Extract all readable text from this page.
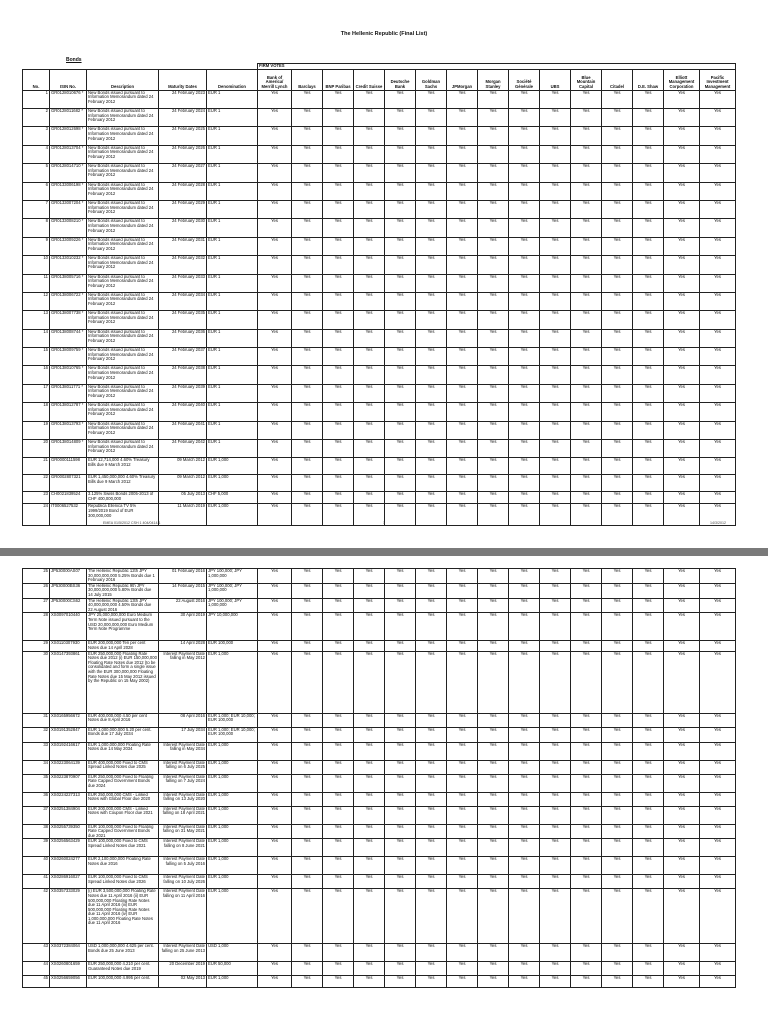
The Hellenic Republic (Final List)
Bonds
					FIRM VOTES														
No.	ISIN No.	Description	Maturity Dates	Denomination	Bank of America/ Merrill Lynch	Barclays	BNP Paribas	Credit Suisse	Deutsche Bank	Goldman Sachs	JPMorgan	Morgan Stanley	Société Générale	UBS	Blue Mountain Capital	Citadel	D.E. Shaw	Elliott Management Corporation	Pacific Investment Management
1	GR0128010676 *	New Bonds issued pursuant to Information Memorandum dated 24 February 2012	24 February 2023	EUR 1	Yes	Yes	Yes	Yes	Yes	Yes	Yes	Yes	Yes	Yes	Yes	Yes	Yes	Yes	Yes
2	GR0128011682 *	New Bonds issued pursuant to Information Memorandum dated 24 February 2012	24 February 2024	EUR 1	Yes	Yes	Yes	Yes	Yes	Yes	Yes	Yes	Yes	Yes	Yes	Yes	Yes	Yes	Yes
3	GR0128012698 *	New Bonds issued pursuant to Information Memorandum dated 24 February 2012	24 February 2025	EUR 1	Yes	Yes	Yes	Yes	Yes	Yes	Yes	Yes	Yes	Yes	Yes	Yes	Yes	Yes	Yes
4	GR0128013704 *	New Bonds issued pursuant to Information Memorandum dated 24 February 2012	24 February 2026	EUR 1	Yes	Yes	Yes	Yes	Yes	Yes	Yes	Yes	Yes	Yes	Yes	Yes	Yes	Yes	Yes
5	GR0128014710 *	New Bonds issued pursuant to Information Memorandum dated 24 February 2012	24 February 2027	EUR 1	Yes	Yes	Yes	Yes	Yes	Yes	Yes	Yes	Yes	Yes	Yes	Yes	Yes	Yes	Yes
6	GR0133006198 *	New Bonds issued pursuant to Information Memorandum dated 24 February 2012	24 February 2028	EUR 1	Yes	Yes	Yes	Yes	Yes	Yes	Yes	Yes	Yes	Yes	Yes	Yes	Yes	Yes	Yes
7	GR0133007204 *	New Bonds issued pursuant to Information Memorandum dated 24 February 2012	24 February 2029	EUR 1	Yes	Yes	Yes	Yes	Yes	Yes	Yes	Yes	Yes	Yes	Yes	Yes	Yes	Yes	Yes
8	GR0133008210 *	New Bonds issued pursuant to Information Memorandum dated 24 February 2012	24 February 2030	EUR 1	Yes	Yes	Yes	Yes	Yes	Yes	Yes	Yes	Yes	Yes	Yes	Yes	Yes	Yes	Yes
9	GR0133009226 *	New Bonds issued pursuant to Information Memorandum dated 24 February 2012	24 February 2031	EUR 1	Yes	Yes	Yes	Yes	Yes	Yes	Yes	Yes	Yes	Yes	Yes	Yes	Yes	Yes	Yes
10	GR0133010232 *	New Bonds issued pursuant to Information Memorandum dated 24 February 2012	24 February 2032	EUR 1	Yes	Yes	Yes	Yes	Yes	Yes	Yes	Yes	Yes	Yes	Yes	Yes	Yes	Yes	Yes
11	GR0138005716 *	New Bonds issued pursuant to Information Memorandum dated 24 February 2012	24 February 2033	EUR 1	Yes	Yes	Yes	Yes	Yes	Yes	Yes	Yes	Yes	Yes	Yes	Yes	Yes	Yes	Yes
12	GR0138006722 *	New Bonds issued pursuant to Information Memorandum dated 24 February 2012	24 February 2034	EUR 1	Yes	Yes	Yes	Yes	Yes	Yes	Yes	Yes	Yes	Yes	Yes	Yes	Yes	Yes	Yes
13	GR0138007738 *	New Bonds issued pursuant to Information Memorandum dated 24 February 2012	24 February 2035	EUR 1	Yes	Yes	Yes	Yes	Yes	Yes	Yes	Yes	Yes	Yes	Yes	Yes	Yes	Yes	Yes
14	GR0138008744 *	New Bonds issued pursuant to Information Memorandum dated 24 February 2012	24 February 2036	EUR 1	Yes	Yes	Yes	Yes	Yes	Yes	Yes	Yes	Yes	Yes	Yes	Yes	Yes	Yes	Yes
15	GR0138009759 *	New Bonds issued pursuant to Information Memorandum dated 24 February 2012	24 February 2037	EUR 1	Yes	Yes	Yes	Yes	Yes	Yes	Yes	Yes	Yes	Yes	Yes	Yes	Yes	Yes	Yes
16	GR0138010765 *	New Bonds issued pursuant to Information Memorandum dated 24 February 2012	24 February 2038	EUR 1	Yes	Yes	Yes	Yes	Yes	Yes	Yes	Yes	Yes	Yes	Yes	Yes	Yes	Yes	Yes
17	GR0138011771 *	New Bonds issued pursuant to Information Memorandum dated 24 February 2012	24 February 2039	EUR 1	Yes	Yes	Yes	Yes	Yes	Yes	Yes	Yes	Yes	Yes	Yes	Yes	Yes	Yes	Yes
18	GR0138012787 *	New Bonds issued pursuant to Information Memorandum dated 24 February 2012	24 February 2040	EUR 1	Yes	Yes	Yes	Yes	Yes	Yes	Yes	Yes	Yes	Yes	Yes	Yes	Yes	Yes	Yes
19	GR0138013793 *	New Bonds issued pursuant to Information Memorandum dated 24 February 2012	24 February 2041	EUR 1	Yes	Yes	Yes	Yes	Yes	Yes	Yes	Yes	Yes	Yes	Yes	Yes	Yes	Yes	Yes
20	GR0138014809 *	New Bonds issued pursuant to Information Memorandum dated 24 February 2012	24 February 2042	EUR 1	Yes	Yes	Yes	Yes	Yes	Yes	Yes	Yes	Yes	Yes	Yes	Yes	Yes	Yes	Yes
21	GR0000111598	EUR 12,714,000 4.60% Treasury Bills due 9 March 2012	09 March 2012	EUR 1,000	Yes	Yes	Yes	Yes	Yes	Yes	Yes	Yes	Yes	Yes	Yes	Yes	Yes	Yes	Yes
22	GR0002807321	EUR 1,450,000,000 4.60% Treasury Bills due 9 March 2012	09 March 2012	EUR 1,000	Yes	Yes	Yes	Yes	Yes	Yes	Yes	Yes	Yes	Yes	Yes	Yes	Yes	Yes	Yes
23	CH0021839524	3.125% Swiss Bonds 2005-2013 of CHF 400,000,000	05 July 2013	CHF 5,000	Yes	Yes	Yes	Yes	Yes	Yes	Yes	Yes	Yes	Yes	Yes	Yes	Yes	Yes	Yes
24	IT0006527532	Republica Ellenica TV 5% 1999/2019 Bond of EUR 300,000,000	11 March 2019	EUR 1,000	Yes	Yes	Yes	Yes	Yes	Yes	Yes	Yes	Yes	Yes	Yes	Yes	Yes	Yes	Yes
EMEA 01/5/2012 CSH 1 404/0414.1	1	14/3/2012
25	JP530000AS07	The Hellenic Republic 12th JPY 30,000,000,000 5.25% Bonds due 1 February 2016	01 February 2016	JPY 100,000; JPY 1,000,000	Yes	Yes	Yes	Yes	Yes	Yes	Yes	Yes	Yes	Yes	Yes	Yes	Yes	Yes	Yes
26	JP530000BS36	The Hellenic Republic 9th JPY 30,000,000,000 5.80% Bonds due 14 July 2015	14 February 2015	JPY 100,000; JPY 1,000,000	Yes	Yes	Yes	Yes	Yes	Yes	Yes	Yes	Yes	Yes	Yes	Yes	Yes	Yes	Yes
27	JP530000CS62	The Hellenic Republic 13th JPY 40,000,000,000 4.50% Bonds due 22 August 2016	22 August 2016	JPY 100,000; JPY 1,000,000	Yes	Yes	Yes	Yes	Yes	Yes	Yes	Yes	Yes	Yes	Yes	Yes	Yes	Yes	Yes
28	XS0097010440	JPY 25,000,000,000 Euro Medium Term Note issued pursuant to the USD 20,000,000,000 Euro Medium Term Note Programme	30 April 2019	JPY 10,000,000	Yes	Yes	Yes	Yes	Yes	Yes	Yes	Yes	Yes	Yes	Yes	Yes	Yes	Yes	Yes
29	XS0110307930	EUR 200,000,000 Ten per cent Notes due 14 April 2028	14 April 2028	EUR 100,000	Yes	Yes	Yes	Yes	Yes	Yes	Yes	Yes	Yes	Yes	Yes	Yes	Yes	Yes	Yes
30	XS0147393861	EUR 250,000,000 Floating Rate Notes due 2012 (i) EUR 150,000,000 Floating Rate Notes due 2012 (to be consolidated and form a single issue with the EUR 300,000,000 Floating Rate Notes due 15 May 2012 issued by the Republic on 15 May 2002)	Interest Payment Date falling in May 2012	EUR 1,000	Yes	Yes	Yes	Yes	Yes	Yes	Yes	Yes	Yes	Yes	Yes	Yes	Yes	Yes	Yes
31	XS0165956672	EUR 400,000,000 4.50 per cent Notes due 8 April 2016	08 April 2016	EUR 1,000; EUR 10,000; EUR 100,000	Yes	Yes	Yes	Yes	Yes	Yes	Yes	Yes	Yes	Yes	Yes	Yes	Yes	Yes	Yes
32	XS0191352847	EUR 1,000,000,000 5.20 per cent. Bonds due 17 July 2034	17 July 2034	EUR 1,000; EUR 10,000; EUR 100,000	Yes	Yes	Yes	Yes	Yes	Yes	Yes	Yes	Yes	Yes	Yes	Yes	Yes	Yes	Yes
33	XS0192416617	EUR 1,000,000,000 Floating Rate Notes due 14 May 2034	Interest Payment Date falling in May 2034	EUR 1,000	Yes	Yes	Yes	Yes	Yes	Yes	Yes	Yes	Yes	Yes	Yes	Yes	Yes	Yes	Yes
34	XS0223064139	EUR 400,000,000 Fixed to CMS Spread Linked Notes due 2025	Interest Payment Date falling on 6 July 2025	EUR 1,000	Yes	Yes	Yes	Yes	Yes	Yes	Yes	Yes	Yes	Yes	Yes	Yes	Yes	Yes	Yes
35	XS0223870907	EUR 250,000,000 Fixed to Floating Rate Capped Government Bonds due 2024	Interest Payment Date falling on 7 July 2024	EUR 1,000	Yes	Yes	Yes	Yes	Yes	Yes	Yes	Yes	Yes	Yes	Yes	Yes	Yes	Yes	Yes
36	XS0224227313	EUR 250,000,000 CMS - Linked Notes with Global Floor due 2020	Interest Payment Date falling on 13 July 2020	EUR 1,000	Yes	Yes	Yes	Yes	Yes	Yes	Yes	Yes	Yes	Yes	Yes	Yes	Yes	Yes	Yes
37	XS0251384904	EUR 200,000,000 CMS - Linked Notes with Coupon Floor due 2021	Interest Payment Date falling on 18 April 2021	EUR 1,000	Yes	Yes	Yes	Yes	Yes	Yes	Yes	Yes	Yes	Yes	Yes	Yes	Yes	Yes	Yes
38	XS0255739350	EUR 100,000,000 Fixed to Floating Rate Capped Government Bonds due 2021	Interest Payment Date falling on 31 May 2021	EUR 1,000	Yes	Yes	Yes	Yes	Yes	Yes	Yes	Yes	Yes	Yes	Yes	Yes	Yes	Yes	Yes
39	XS0256563429	EUR 100,000,000 Fixed to CMS Spread Linked Notes due 2021	Interest Payment Date falling on 8 June 2021	EUR 1,000	Yes	Yes	Yes	Yes	Yes	Yes	Yes	Yes	Yes	Yes	Yes	Yes	Yes	Yes	Yes
40	XS0260024277	EUR 2,100,000,000 Floating Rate Notes due 2016	Interest Payment Date falling on 5 July 2016	EUR 1,000	Yes	Yes	Yes	Yes	Yes	Yes	Yes	Yes	Yes	Yes	Yes	Yes	Yes	Yes	Yes
41	XS0286916027	EUR 100,000,000 Fixed to CMS Spread Linked Notes due 2026	Interest Payment Date falling on 10 July 2026	EUR 1,000	Yes	Yes	Yes	Yes	Yes	Yes	Yes	Yes	Yes	Yes	Yes	Yes	Yes	Yes	Yes
42	XS0357333029	(i) EUR 3,500,000,000 Floating Rate Notes due 11 April 2016 (ii) EUR 500,000,000 Floating Rate Notes due 11 April 2016 (iii) EUR 500,000,000 Floating Rate Notes due 11 April 2016 (iv) EUR 1,000,000,000 Floating Rate Notes due 11 April 2016	Interest Payment Date falling on 11 April 2016	EUR 1,000	Yes	Yes	Yes	Yes	Yes	Yes	Yes	Yes	Yes	Yes	Yes	Yes	Yes	Yes	Yes
43	XS0372384064	USD 1,000,000,000 4.625 per cent. Bonds due 25 June 2013	Interest Payment Date falling on 25 June 2013	USD 1,000	Yes	Yes	Yes	Yes	Yes	Yes	Yes	Yes	Yes	Yes	Yes	Yes	Yes	Yes	Yes
44	XS0260801659	EUR 250,000,000 4.210 per cent. Guaranteed Notes due 2019	20 December 2019	EUR 50,000	Yes	Yes	Yes	Yes	Yes	Yes	Yes	Yes	Yes	Yes	Yes	Yes	Yes	Yes	Yes
45	XS0256659056	EUR 100,000,000 4.995 per cent.	02 May 2013	EUR 1,000	Yes	Yes	Yes	Yes	Yes	Yes	Yes	Yes	Yes	Yes	Yes	Yes	Yes	Yes	Yes
